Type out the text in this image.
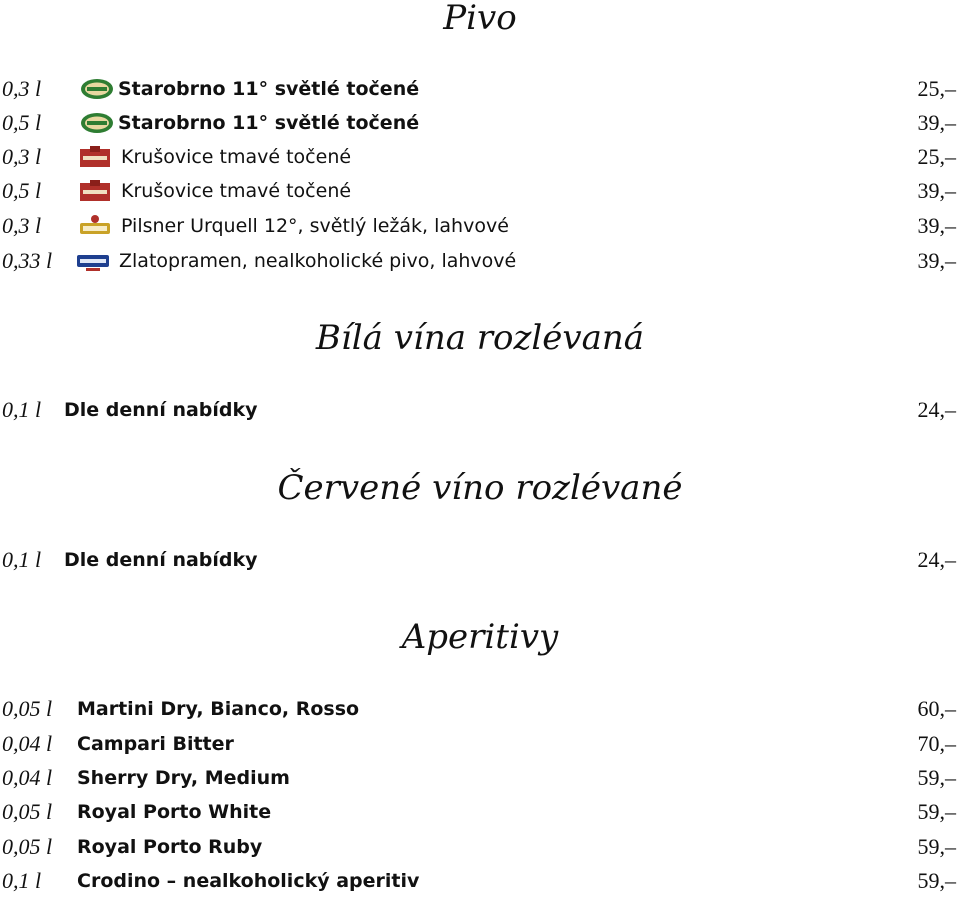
Pivo
0,3 l	Starobrno 11° světlé točené	25,–
0,5 l	Starobrno 11° světlé točené	39,–
0,3 l	Krušovice tmavé točené	25,–
0,5 l	Krušovice tmavé točené	39,–
0,3 l	Pilsner Urquell 12°, světlý ležák, lahvové	39,–
0,33 l	Zlatopramen, nealkoholické pivo, lahvové	39,–
Bílá vína rozlévaná
0,1 l Dle denní nabídky	24,–
Červené víno rozlévané
0,1 l Dle denní nabídky	24,–
Aperitivy
0,05 l Martini Dry, Bianco, Rosso	60,–
0,04 l Campari Bitter	70,–
0,04 l Sherry Dry, Medium	59,–
0,05 l Royal Porto White	59,–
0,05 l Royal Porto Ruby	59,–
0,1 l Crodino – nealkoholický aperitiv	59,–
